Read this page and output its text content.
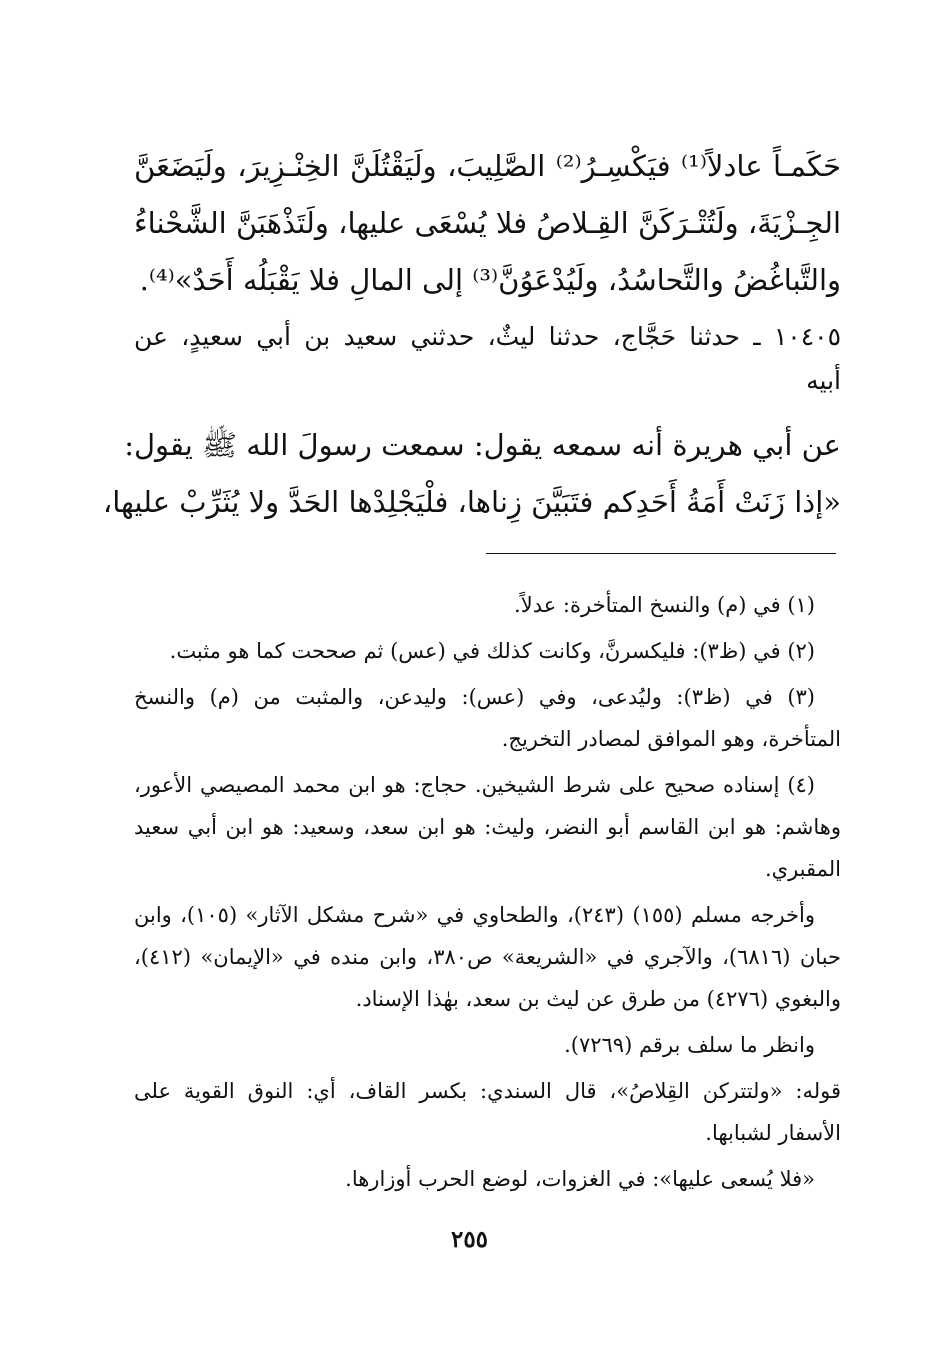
حَكَمـاً عادلاً⁽¹⁾ فيَكْسِـرُ⁽²⁾ الصَّلِيبَ، ولَيَقْتُلَنَّ الخِنْـزِيرَ، ولَيَضَعَنَّ
الجِـزْيَةَ، ولَتُتْـرَكَنَّ القِـلاصُ فلا يُسْعَى عليها، ولَتَذْهَبَنَّ الشَّحْناءُ
والتَّباغُضُ والتَّحاسُدُ، ولَيُدْعَوُنَّ⁽³⁾ إلى المالِ فلا يَقْبَلُه أَحَدٌ»⁽⁴⁾.
١٠٤٠٥ ـ حدثنا حَجَّاج، حدثنا ليثٌ، حدثني سعيد بن أبي سعيدٍ، عن
أبيه
عن أبي هريرة أنه سمعه يقول: سمعت رسولَ الله ﷺ يقول:
«إذا زَنَتْ أَمَةُ أَحَدِكم فتَبَيَّنَ زِناها، فلْيَجْلِدْها الحَدَّ ولا يُثَرِّبْ عليها،

(١) في (م) والنسخ المتأخرة: عدلاً.

(٢) في (ظ٣): فليكسرنَّ، وكانت كذلك في (عس) ثم صححت كما هو مثبت.

(٣) في (ظ٣): وليُدعى، وفي (عس): وليدعن، والمثبت من (م) والنسخ المتأخرة، وهو الموافق لمصادر التخريج.

(٤) إسناده صحيح على شرط الشيخين. حجاج: هو ابن محمد المصيصي الأعور، وهاشم: هو ابن القاسم أبو النضر، وليث: هو ابن سعد، وسعيد: هو ابن أبي سعيد المقبري.

وأخرجه مسلم (١٥٥) (٢٤٣)، والطحاوي في «شرح مشكل الآثار» (١٠٥)، وابن حبان (٦٨١٦)، والآجري في «الشريعة» ص٣٨٠، وابن منده في «الإيمان» (٤١٢)، والبغوي (٤٢٧٦) من طرق عن ليث بن سعد، بهٰذا الإسناد.

وانظر ما سلف برقم (٧٢٦٩).

قوله: «ولتتركن القِلاصُ»، قال السندي: بكسر القاف، أي: النوق القوية على الأسفار لشبابها.

«فلا يُسعى عليها»: في الغزوات، لوضع الحرب أوزارها.

٢٥٥
